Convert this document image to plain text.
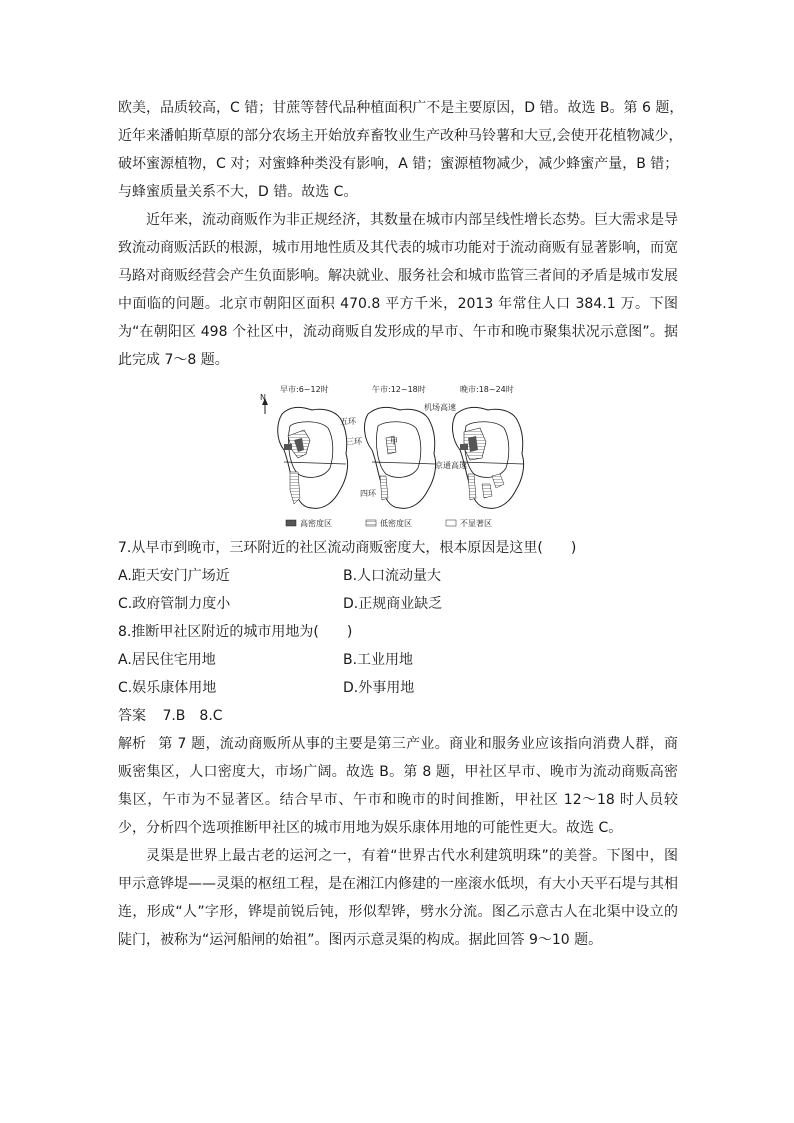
欧美，品质较高，C 错；甘蔗等替代品种植面积广不是主要原因，D 错。故选 B。第 6 题，
近年来潘帕斯草原的部分农场主开始放弃畜牧业生产改种马铃薯和大豆,会使开花植物减少，
破坏蜜源植物，C 对；对蜜蜂种类没有影响，A 错；蜜源植物减少，减少蜂蜜产量，B 错；
与蜂蜜质量关系不大，D 错。故选 C。

近年来，流动商贩作为非正规经济，其数量在城市内部呈线性增长态势。巨大需求是导致流动商贩活跃的根源，城市用地性质及其代表的城市功能对于流动商贩有显著影响，而宽马路对商贩经营会产生负面影响。解决就业、服务社会和城市监管三者间的矛盾是城市发展中面临的问题。北京市朝阳区面积 470.8 平方千米，2013 年常住人口 384.1 万。下图为“在朝阳区 498 个社区中，流动商贩自发形成的早市、午市和晚市聚集状况示意图”。据此完成 7～8 题。

早市:6~12时	午市:12~18时	晚市:18~24时
N
五环
三环	甲
四环
机场高速
京通高速
高密度区	低密度区	不显著区
7.从早市到晚市，三环附近的社区流动商贩密度大，根本原因是这里(　　)
A.距天安门广场近	B.人口流动量大
C.政府管制力度小	D.正规商业缺乏
8.推断甲社区附近的城市用地为(　　)
A.居民住宅用地	B.工业用地
C.娱乐康体用地	D.外事用地
答案 7.B　8.C

解析 第 7 题，流动商贩所从事的主要是第三产业。商业和服务业应该指向消费人群，商贩密集区，人口密度大，市场广阔。故选 B。第 8 题，甲社区早市、晚市为流动商贩高密集区，午市为不显著区。结合早市、午市和晚市的时间推断，甲社区 12～18 时人员较少，分析四个选项推断甲社区的城市用地为娱乐康体用地的可能性更大。故选 C。

灵渠是世界上最古老的运河之一，有着“世界古代水利建筑明珠”的美誉。下图中，图甲示意铧堤——灵渠的枢纽工程，是在湘江内修建的一座滚水低坝，有大小天平石堤与其相连，形成“人”字形，铧堤前锐后钝，形似犁铧，劈水分流。图乙示意古人在北渠中设立的陡门，被称为“运河船闸的始祖”。图丙示意灵渠的构成。据此回答 9～10 题。
